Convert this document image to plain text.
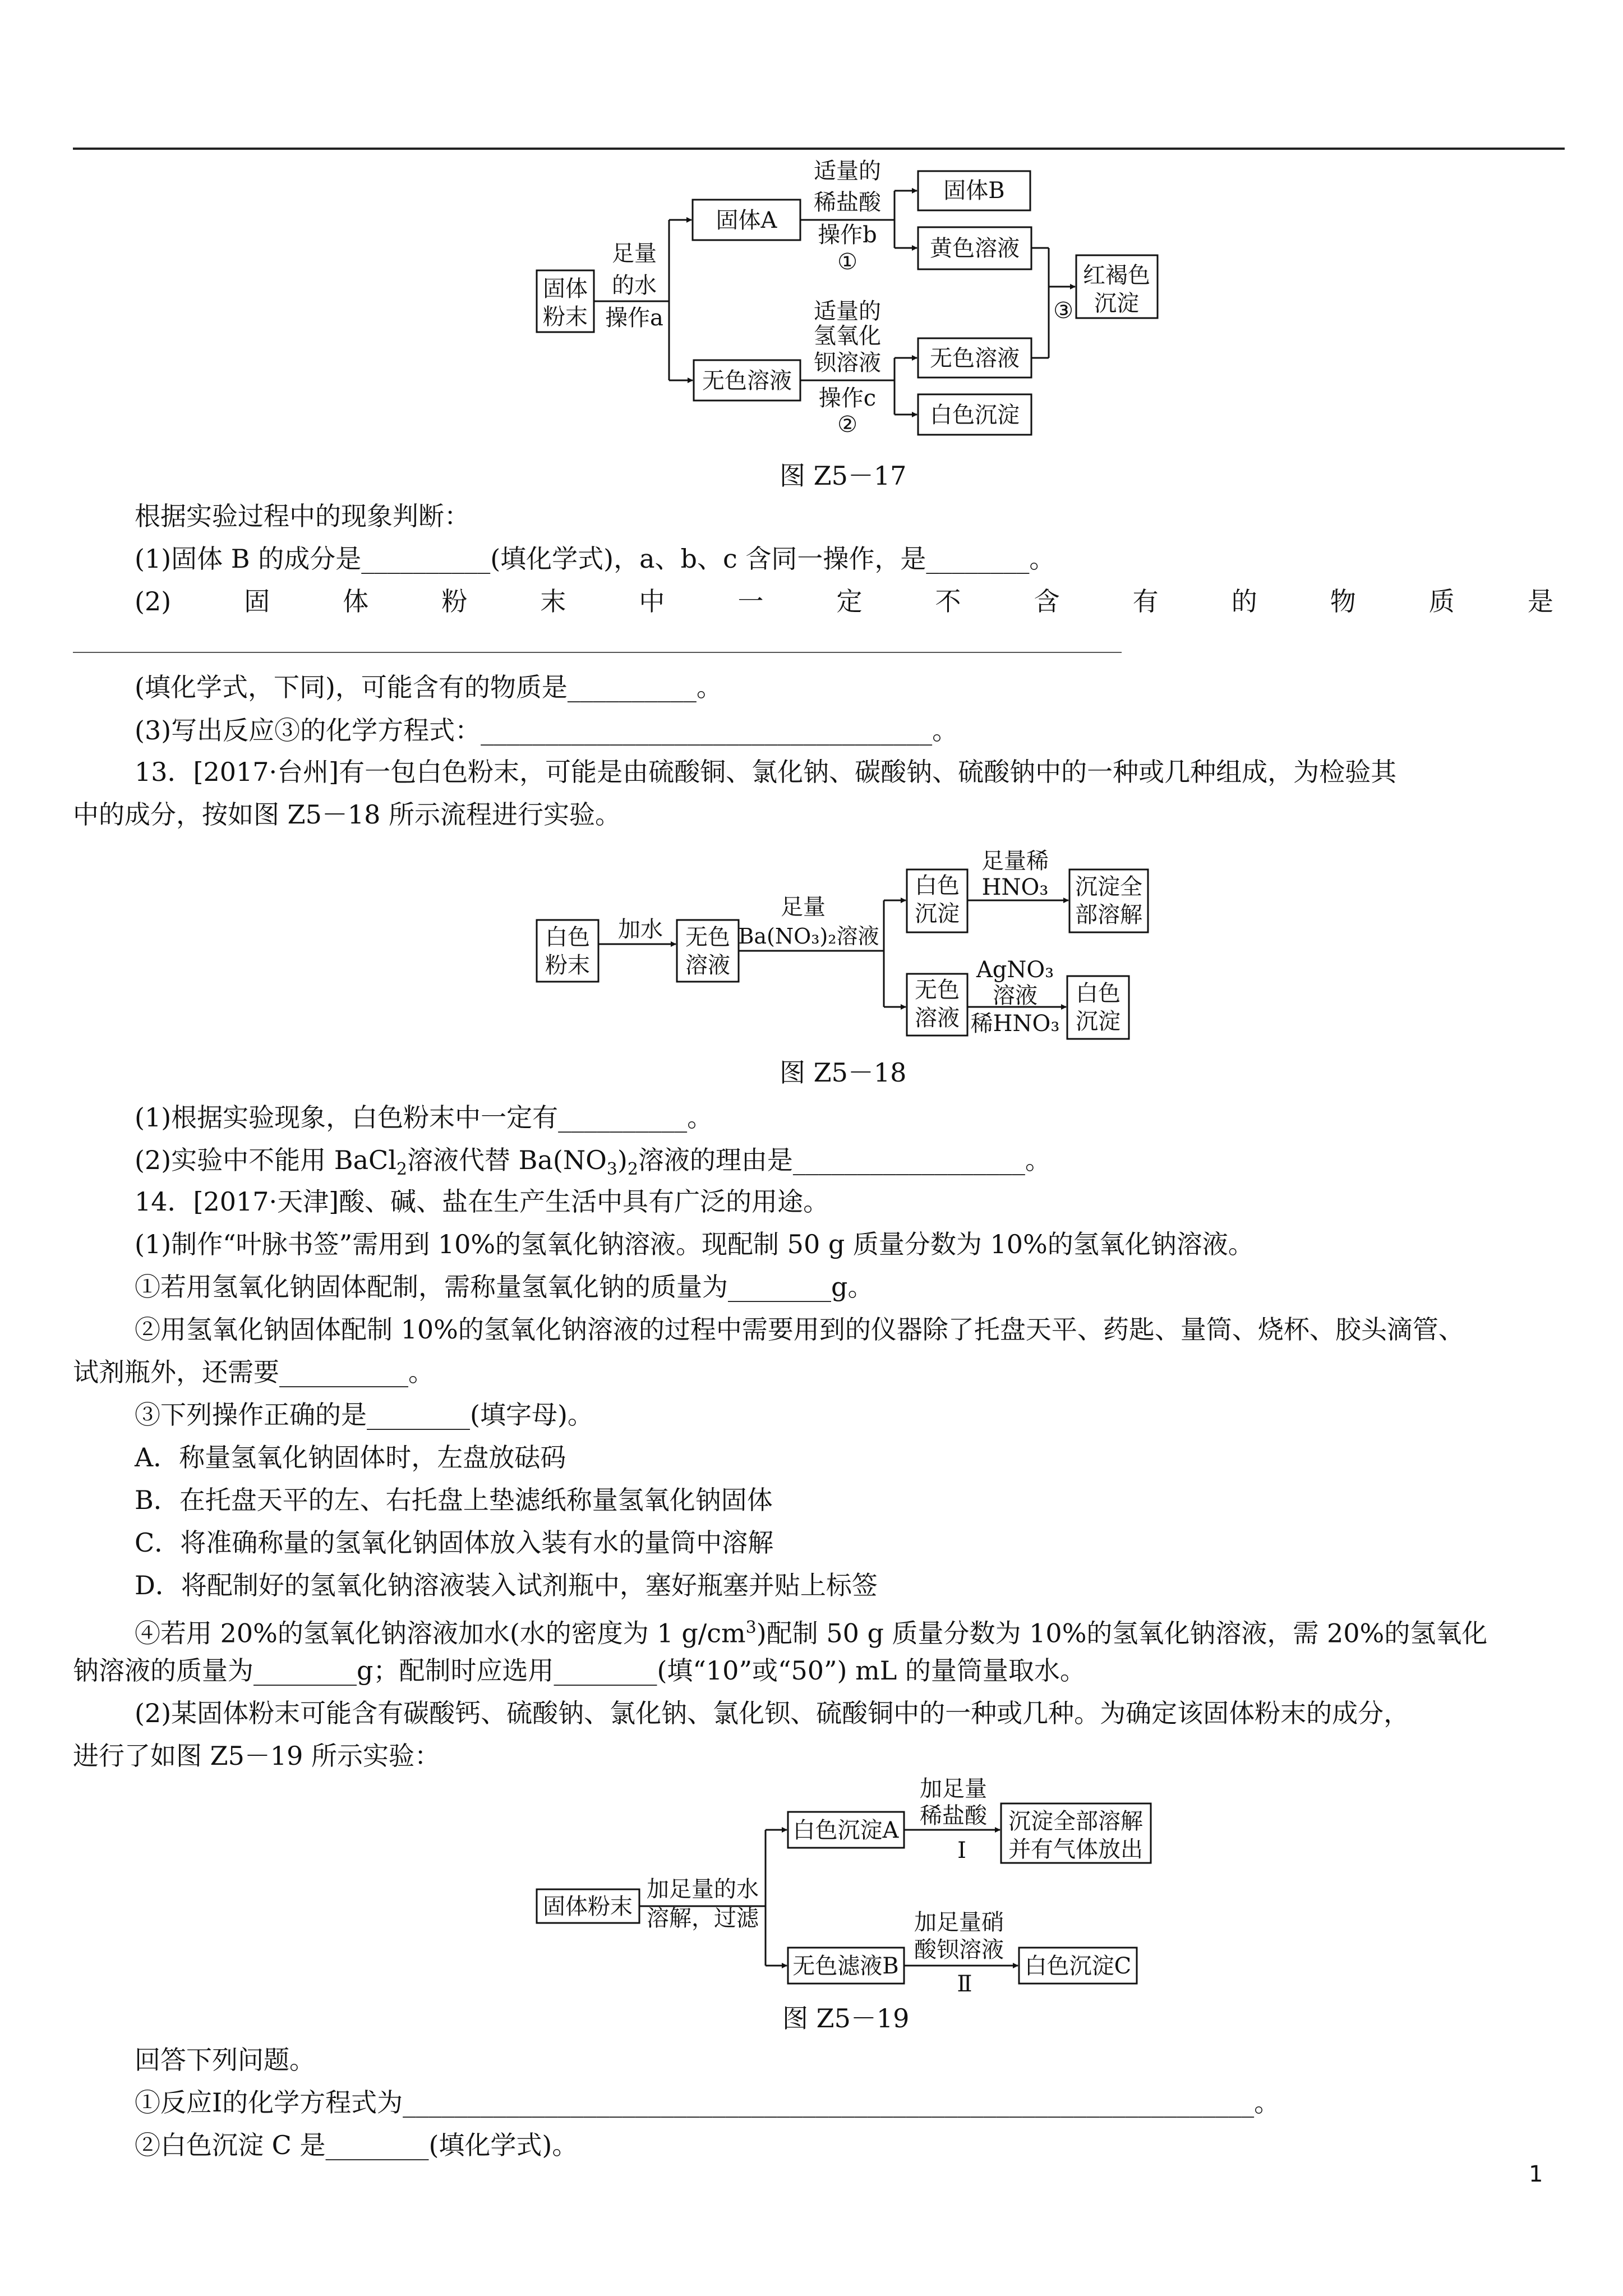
固体
粉末
足量
的水
操作a
固体A
适量的
稀盐酸
操作b
①
固体B
黄色溶液
③
红褐色
沉淀
无色溶液
适量的
氢氧化
钡溶液
操作c
②
无色溶液
白色沉淀
图 Z5－17
根据实验过程中的现象判断：
(1)固体 B 的成分是__________(填化学式)，a、b、c 含同一操作，是________。
(2)	固	体	粉	末	中	一	定	不	含	有	的	物	质	是
(填化学式，下同)，可能含有的物质是__________。
(3)写出反应③的化学方程式：___________________________________。
13．[2017·台州]有一包白色粉末，可能是由硫酸铜、氯化钠、碳酸钠、硫酸钠中的一种或几种组成，为检验其
中的成分，按如图 Z5－18 所示流程进行实验。
白色
粉末
加水 无色
溶液
足量
Ba(NO₃)₂溶液
白色
沉淀
足量稀
HNO₃ 沉淀全
部溶解
无色
溶液
AgNO₃
溶液
稀HNO₃
白色
沉淀
图 Z5－18
(1)根据实验现象，白色粉末中一定有__________。
(2)实验中不能用 BaCl$_2$溶液代替 $Ba(NO_3)_2$溶液的理由是__________________。
14．[2017·天津]酸、碱、盐在生产生活中具有广泛的用途。
(1)制作“叶脉书签”需用到 10%的氢氧化钠溶液。现配制 50 g 质量分数为 10%的氢氧化钠溶液。
①若用氢氧化钠固体配制，需称量氢氧化钠的质量为________g。
②用氢氧化钠固体配制 10%的氢氧化钠溶液的过程中需要用到的仪器除了托盘天平、药匙、量筒、烧杯、胶头滴管、
试剂瓶外，还需要__________。
③下列操作正确的是________(填字母)。
A．称量氢氧化钠固体时，左盘放砝码
B．在托盘天平的左、右托盘上垫滤纸称量氢氧化钠固体
C．将准确称量的氢氧化钠固体放入装有水的量筒中溶解
D．将配制好的氢氧化钠溶液装入试剂瓶中，塞好瓶塞并贴上标签
④若用 20%的氢氧化钠溶液加水(水的密度为 1 $g/cm^3$)配制 50 g 质量分数为 10%的氢氧化钠溶液，需 20%的氢氧化
钠溶液的质量为________g；配制时应选用________(填“10”或“50”) mL 的量筒量取水。
(2)某固体粉末可能含有碳酸钙、硫酸钠、氯化钠、氯化钡、硫酸铜中的一种或几种。为确定该固体粉末的成分，
进行了如图 Z5－19 所示实验：
固体粉末
加足量的水
溶解，过滤
白色沉淀A
加足量
稀盐酸
Ⅰ
沉淀全部溶解
并有气体放出
无色滤液B
加足量硝
酸钡溶液
Ⅱ
白色沉淀C
图 Z5－19
回答下列问题。
①反应Ⅰ的化学方程式为__________________________________________________________________。
②白色沉淀 C 是________(填化学式)。
1
